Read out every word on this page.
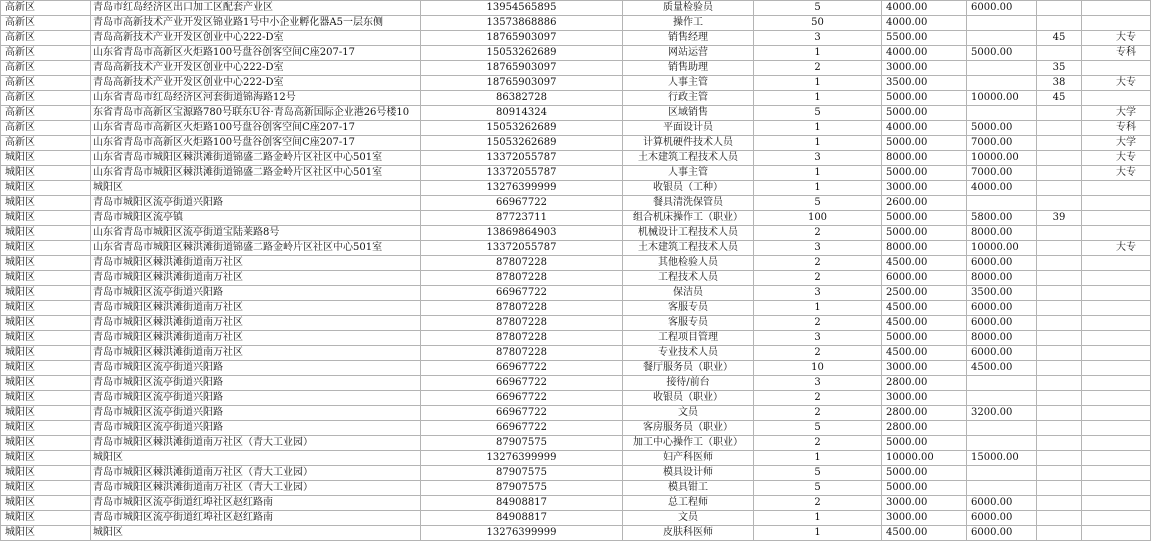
高新区	青岛市红岛经济区出口加工区配套产业区	13954565895	质量检验员	5	4000.00	6000.00		
高新区	青岛市高新技术产业开发区锦业路1号中小企业孵化器A5一层东侧	13573868886	操作工	50	4000.00			
高新区	青岛高新技术产业开发区创业中心222-D室	18765903097	销售经理	3	5500.00		45	大专
高新区	山东省青岛市高新区火炬路100号盘谷创客空间C座207-17	15053262689	网站运营	1	4000.00	5000.00		专科
高新区	青岛高新技术产业开发区创业中心222-D室	18765903097	销售助理	2	3000.00		35	
高新区	青岛高新技术产业开发区创业中心222-D室	18765903097	人事主管	1	3500.00		38	大专
高新区	山东省青岛市红岛经济区河套街道锦海路12号	86382728	行政主管	1	5000.00	10000.00	45	
高新区	东省青岛市高新区宝源路780号联东U谷·青岛高新国际企业港26号楼10	80914324	区域销售	5	5000.00			大学
高新区	山东省青岛市高新区火炬路100号盘谷创客空间C座207-17	15053262689	平面设计员	1	4000.00	5000.00		专科
高新区	山东省青岛市高新区火炬路100号盘谷创客空间C座207-17	15053262689	计算机硬件技术人员	1	5000.00	7000.00		大学
城阳区	山东省青岛市城阳区棘洪滩街道锦盛二路金岭片区社区中心501室	13372055787	土木建筑工程技术人员	3	8000.00	10000.00		大专
城阳区	山东省青岛市城阳区棘洪滩街道锦盛二路金岭片区社区中心501室	13372055787	人事主管	1	5000.00	7000.00		大专
城阳区	城阳区	13276399999	收银员（工种）	1	3000.00	4000.00		
城阳区	青岛市城阳区流亭街道兴阳路	66967722	餐具清洗保管员	5	2600.00			
城阳区	青岛市城阳区流亭镇	87723711	组合机床操作工（职业）	100	5000.00	5800.00	39	
城阳区	山东省青岛市城阳区流亭街道宝陆莱路8号	13869864903	机械设计工程技术人员	2	5000.00	8000.00		
城阳区	山东省青岛市城阳区棘洪滩街道锦盛二路金岭片区社区中心501室	13372055787	土木建筑工程技术人员	3	8000.00	10000.00		大专
城阳区	青岛市城阳区棘洪滩街道南万社区	87807228	其他检验人员	2	4500.00	6000.00		
城阳区	青岛市城阳区棘洪滩街道南万社区	87807228	工程技术人员	2	6000.00	8000.00		
城阳区	青岛市城阳区流亭街道兴阳路	66967722	保洁员	3	2500.00	3500.00		
城阳区	青岛市城阳区棘洪滩街道南万社区	87807228	客服专员	1	4500.00	6000.00		
城阳区	青岛市城阳区棘洪滩街道南万社区	87807228	客服专员	2	4500.00	6000.00		
城阳区	青岛市城阳区棘洪滩街道南万社区	87807228	工程项目管理	3	5000.00	8000.00		
城阳区	青岛市城阳区棘洪滩街道南万社区	87807228	专业技术人员	2	4500.00	6000.00		
城阳区	青岛市城阳区流亭街道兴阳路	66967722	餐厅服务员（职业）	10	3000.00	4500.00		
城阳区	青岛市城阳区流亭街道兴阳路	66967722	接待/前台	3	2800.00			
城阳区	青岛市城阳区流亭街道兴阳路	66967722	收银员（职业）	2	3000.00			
城阳区	青岛市城阳区流亭街道兴阳路	66967722	文员	2	2800.00	3200.00		
城阳区	青岛市城阳区流亭街道兴阳路	66967722	客房服务员（职业）	5	2800.00			
城阳区	青岛市城阳区棘洪滩街道南万社区（青大工业园）	87907575	加工中心操作工（职业）	2	5000.00			
城阳区	城阳区	13276399999	妇产科医师	1	10000.00	15000.00		
城阳区	青岛市城阳区棘洪滩街道南万社区（青大工业园）	87907575	模具设计师	5	5000.00			
城阳区	青岛市城阳区棘洪滩街道南万社区（青大工业园）	87907575	模具钳工	5	5000.00			
城阳区	青岛市城阳区流亭街道红埠社区赵红路南	84908817	总工程师	2	3000.00	6000.00		
城阳区	青岛市城阳区流亭街道红埠社区赵红路南	84908817	文员	1	3000.00	6000.00		
城阳区	城阳区	13276399999	皮肤科医师	1	4500.00	6000.00		
